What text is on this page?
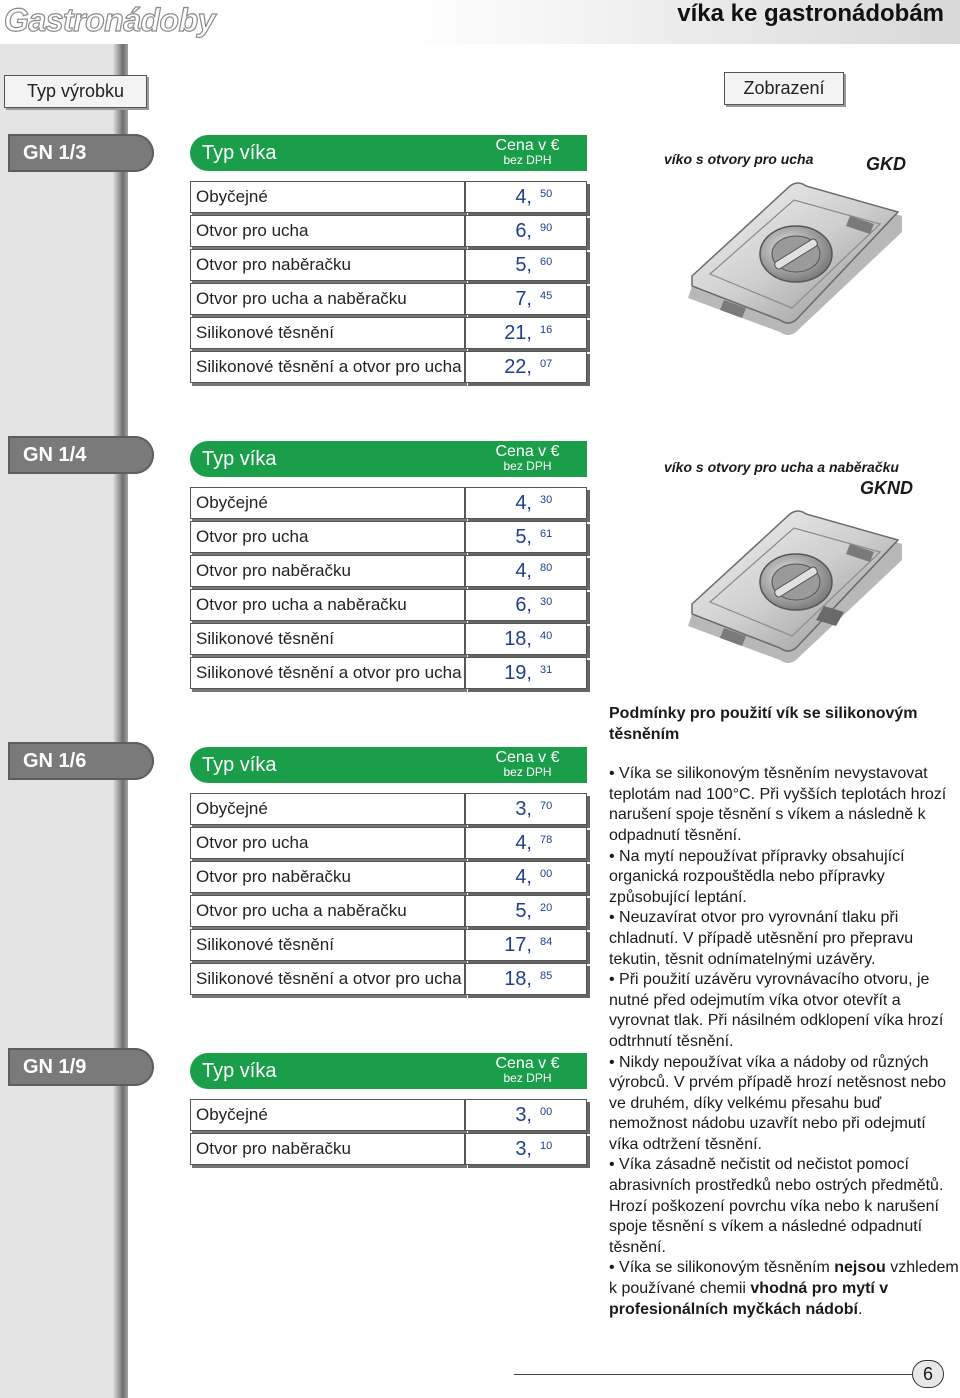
Gastronádoby	víka ke gastronádobám
Typ výrobku	Zobrazení
GN 1/3	Typ víka	Cena v €
bez DPH
Obyčejné	4, 50
Otvor pro ucha	6, 90
Otvor pro naběračku	5, 60
Otvor pro ucha a naběračku	7, 45
Silikonové těsnění	21, 16
Silikonové těsnění a otvor pro ucha 22, 07
GN 1/4	Typ víka	Cena v €
bez DPH
Obyčejné	4, 30
Otvor pro ucha	5, 61
Otvor pro naběračku	4, 80
Otvor pro ucha a naběračku	6, 30
Silikonové těsnění	18, 40
Silikonové těsnění a otvor pro ucha 19, 31
GN 1/6	Typ víka	Cena v €
bez DPH
Obyčejné	3, 70
Otvor pro ucha	4, 78
Otvor pro naběračku	4, 00
Otvor pro ucha a naběračku	5, 20
Silikonové těsnění	17, 84
Silikonové těsnění a otvor pro ucha 18, 85
GN 1/9	Typ víka	Cena v €
bez DPH
Obyčejné	3, 00
Otvor pro naběračku	3, 10
víko s otvory pro ucha	GKD
víko s otvory pro ucha a naběračku
GKND
Podmínky pro použití vík se silikonovým těsněním

• Víka se silikonovým těsněním nevystavovat teplotám nad 100°C. Při vyšších teplotách hrozí narušení spoje těsnění s víkem a následně k odpadnutí těsnění.

• Na mytí nepoužívat přípravky obsahující organická rozpouštědla nebo přípravky způsobující leptání.

• Neuzavírat otvor pro vyrovnání tlaku při chladnutí. V případě utěsnění pro přepravu tekutin, těsnit odnímatelnými uzávěry.

• Při použití uzávěru vyrovnávacího otvoru, je nutné před odejmutím víka otvor otevřít a vyrovnat tlak. Při násilném odklopení víka hrozí odtrhnutí těsnění.

• Nikdy nepoužívat víka a nádoby od různých výrobců. V prvém případě hrozí netěsnost nebo ve druhém, díky velkému přesahu buď nemožnost nádobu uzavřít nebo při odejmutí víka odtržení těsnění.

• Víka zásadně nečistit od nečistot pomocí abrasivních prostředků nebo ostrých předmětů. Hrozí poškození povrchu víka nebo k narušení spoje těsnění s víkem a následné odpadnutí těsnění.

• Víka se silikonovým těsněním nejsou vzhledem k používané chemii vhodná pro mytí v profesionálních myčkách nádobí.

6
